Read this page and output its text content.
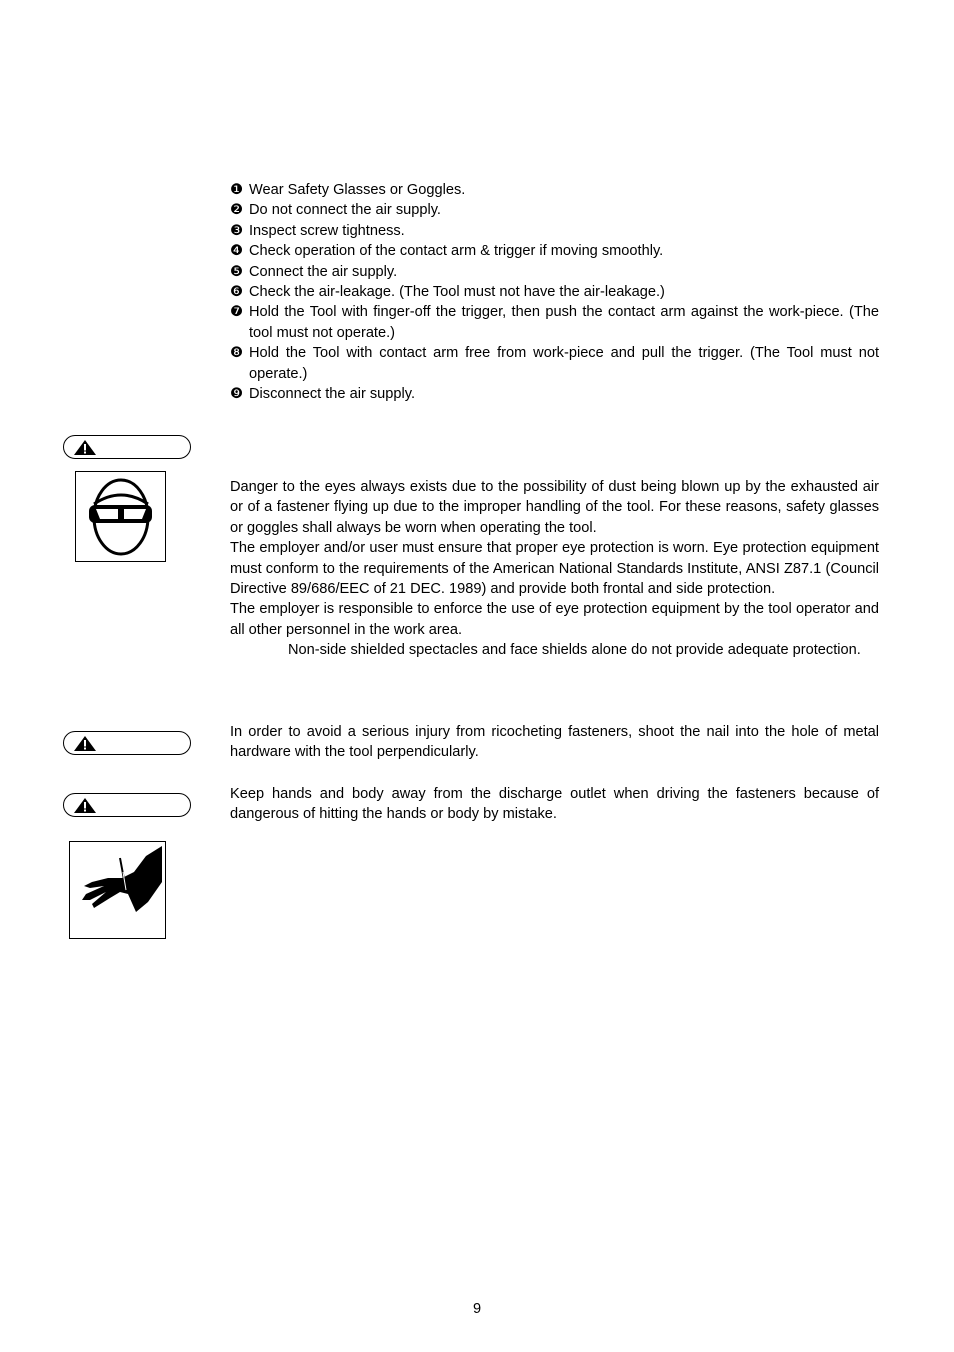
❶ Wear Safety Glasses or Goggles.
❷ Do not connect the air supply.
❸ Inspect screw tightness.
❹ Check operation of the contact arm & trigger if moving smoothly.
❺ Connect the air supply.
❻ Check the air-leakage. (The Tool must not have the air-leakage.)
❼ Hold the Tool with finger-off the trigger, then push the contact arm against the work-piece. (The tool must not operate.)
❽ Hold the Tool with contact arm free from work-piece and pull the trigger. (The Tool must not operate.)
❾ Disconnect the air supply.

Danger to the eyes always exists due to the possibility of dust being blown up by the exhausted air or of a fastener flying up due to the improper handling of the tool. For these reasons, safety glasses or goggles shall always be worn when operating the tool.

The employer and/or user must ensure that proper eye protection is worn. Eye protection equipment must conform to the requirements of the American National Standards Institute, ANSI Z87.1 (Council Directive 89/686/EEC of 21 DEC. 1989) and provide both frontal and side protection.

The employer is responsible to enforce the use of eye protection equipment by the tool operator and all other personnel in the work area.

Non-side shielded spectacles and face shields alone do not provide adequate protection.

In order to avoid a serious injury from ricocheting fasteners, shoot the nail into the hole of metal hardware with the tool perpendicularly.

Keep hands and body away from the discharge outlet when driving the fasteners because of dangerous of hitting the hands or body by mistake.

9
